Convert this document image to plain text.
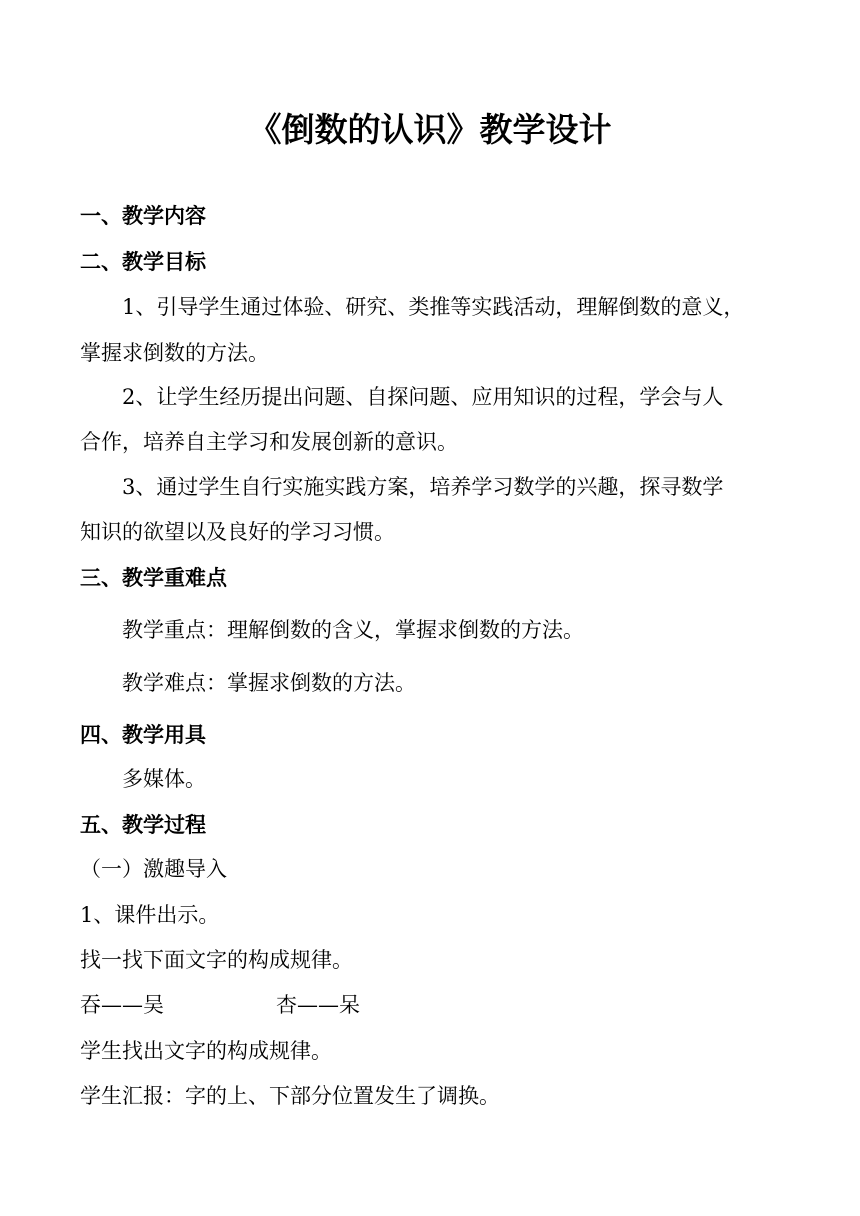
《倒数的认识》教学设计
一、教学内容
二、教学目标
1、引导学生通过体验、研究、类推等实践活动，理解倒数的意义，
掌握求倒数的方法。
2、让学生经历提出问题、自探问题、应用知识的过程，学会与人
合作，培养自主学习和发展创新的意识。
3、通过学生自行实施实践方案，培养学习数学的兴趣，探寻数学
知识的欲望以及良好的学习习惯。
三、教学重难点
教学重点：理解倒数的含义，掌握求倒数的方法。
教学难点：掌握求倒数的方法。
四、教学用具
多媒体。
五、教学过程
（一）激趣导入
1、课件出示。
找一找下面文字的构成规律。
吞——吴	杏——呆
学生找出文字的构成规律。
学生汇报：字的上、下部分位置发生了调换。
